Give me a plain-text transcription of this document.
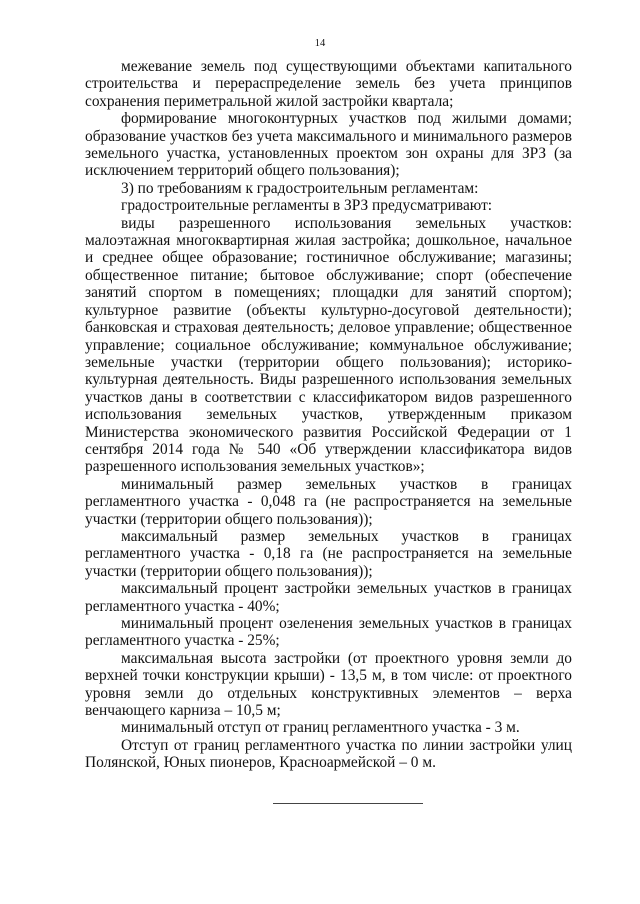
14

межевание земель под существующими объектами капитального строительства и перераспределение земель без учета принципов сохранения периметральной жилой застройки квартала;

формирование многоконтурных участков под жилыми домами; образование участков без учета максимального и минимального размеров земельного участка, установленных проектом зон охраны для ЗРЗ (за исключением территорий общего пользования);

3) по требованиям к градостроительным регламентам:

градостроительные регламенты в ЗРЗ предусматривают:

виды разрешенного использования земельных участков: малоэтажная многоквартирная жилая застройка; дошкольное, начальное и среднее общее образование; гостиничное обслуживание; магазины; общественное питание; бытовое обслуживание; спорт (обеспечение занятий спортом в помещениях; площадки для занятий спортом); культурное развитие (объекты культурно-досуговой деятельности); банковская и страховая деятельность; деловое управление; общественное управление; социальное обслуживание; коммунальное обслуживание; земельные участки (территории общего пользования); историко-культурная деятельность. Виды разрешенного использования земельных участков даны в соответствии с классификатором видов разрешенного использования земельных участков, утвержденным приказом Министерства экономического развития Российской Федерации от 1 сентября 2014 года № 540 «Об утверждении классификатора видов разрешенного использования земельных участков»;

минимальный размер земельных участков в границах регламентного участка - 0,048 га (не распространяется на земельные участки (территории общего пользования));

максимальный размер земельных участков в границах регламентного участка - 0,18 га (не распространяется на земельные участки (территории общего пользования));

максимальный процент застройки земельных участков в границах регламентного участка - 40%;

минимальный процент озеленения земельных участков в границах регламентного участка - 25%;

максимальная высота застройки (от проектного уровня земли до верхней точки конструкции крыши) - 13,5 м, в том числе: от проектного уровня земли до отдельных конструктивных элементов – верха венчающего карниза – 10,5 м;

минимальный отступ от границ регламентного участка - 3 м.

Отступ от границ регламентного участка по линии застройки улиц Полянской, Юных пионеров, Красноармейской – 0 м.
